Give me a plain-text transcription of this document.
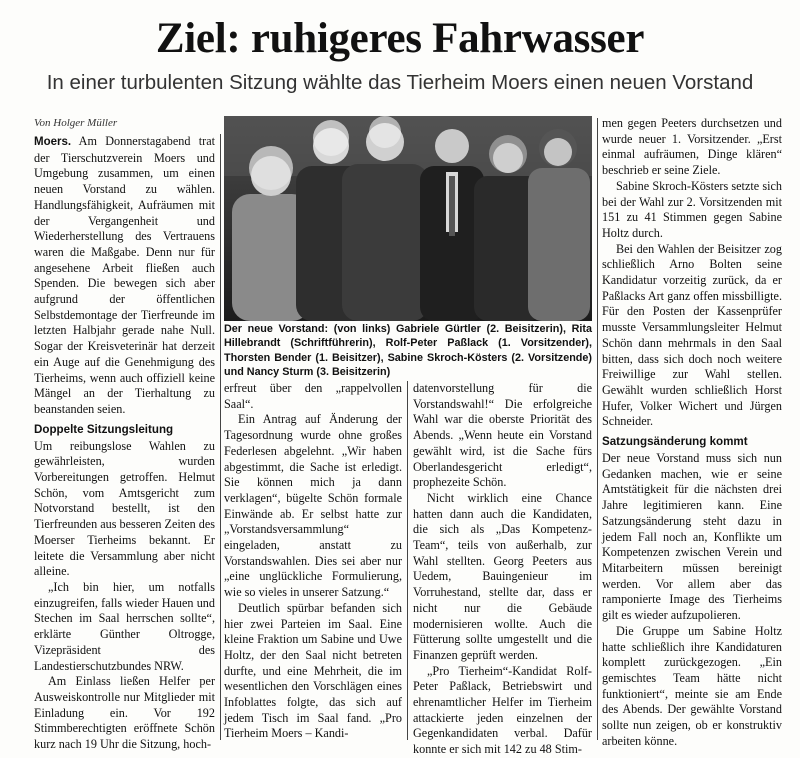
Ziel: ruhigeres Fahrwasser
In einer turbulenten Sitzung wählte das Tierheim Moers einen neuen Vorstand
Von Holger Müller

Moers. Am Donnerstagabend trat der Tierschutzverein Moers und Umgebung zusammen, um einen neuen Vorstand zu wählen. Handlungsfähigkeit, Aufräumen mit der Vergangenheit und Wiederherstellung des Vertrauens waren die Maßgabe. Denn nur für angesehene Arbeit fließen auch Spenden. Die bewegen sich aber aufgrund der öffentlichen Selbstdemontage der Tierfreunde im letzten Halbjahr gerade nahe Null. Sogar der Kreisveterinär hat derzeit ein Auge auf die Genehmigung des Tierheims, wenn auch offiziell keine Mängel an der Tierhaltung zu beanstanden seien.

Doppelte Sitzungsleitung

Um reibungslose Wahlen zu gewährleisten, wurden Vorbereitungen getroffen. Helmut Schön, vom Amtsgericht zum Notvorstand bestellt, ist den Tierfreunden aus besseren Zeiten des Moerser Tierheims bekannt. Er leitete die Versammlung aber nicht alleine.

„Ich bin hier, um notfalls einzugreifen, falls wieder Hauen und Stechen im Saal herrschen sollte“, erklärte Günther Oltrogge, Vizepräsident des Landestierschutzbundes NRW.

Am Einlass ließen Helfer per Ausweiskontrolle nur Mitglieder mit Einladung ein. Vor 192 Stimmberechtigten eröffnete Schön kurz nach 19 Uhr die Sitzung, hoch-

Der neue Vorstand: (von links) Gabriele Gürtler (2. Beisitzerin), Rita Hillebrandt (Schriftführerin), Rolf-Peter Paßlack (1. Vorsitzender), Thorsten Bender (1. Beisitzer), Sabine Skroch-Kösters (2. Vorsitzende) und Nancy Sturm (3. Beisitzerin)

erfreut über den „rappelvollen Saal“.

Ein Antrag auf Änderung der Tagesordnung wurde ohne großes Federlesen abgelehnt. „Wir haben abgestimmt, die Sache ist erledigt. Sie können mich ja dann verklagen“, bügelte Schön formale Einwände ab. Er selbst hatte zur „Vorstandsversammlung“ eingeladen, anstatt zu Vorstandswahlen. Dies sei aber nur „eine unglückliche Formulierung, wie so vieles in unserer Satzung.“

Deutlich spürbar befanden sich hier zwei Parteien im Saal. Eine kleine Fraktion um Sabine und Uwe Holtz, der den Saal nicht betreten durfte, und eine Mehrheit, die im wesentlichen den Vorschlägen eines Infoblattes folgte, das sich auf jedem Tisch im Saal fand. „Pro Tierheim Moers – Kandi-

datenvorstellung für die Vorstandswahl!“ Die erfolgreiche Wahl war die oberste Priorität des Abends. „Wenn heute ein Vorstand gewählt wird, ist die Sache fürs Oberlandesgericht erledigt“, prophezeite Schön.

Nicht wirklich eine Chance hatten dann auch die Kandidaten, die sich als „Das Kompetenz-Team“, teils von außerhalb, zur Wahl stellten. Georg Peeters aus Uedem, Bauingenieur im Vorruhestand, stellte dar, dass er nicht nur die Gebäude modernisieren wollte. Auch die Fütterung sollte umgestellt und die Finanzen geprüft werden.

„Pro Tierheim“-Kandidat Rolf-Peter Paßlack, Betriebswirt und ehrenamtlicher Helfer im Tierheim attackierte jeden einzelnen der Gegenkandidaten verbal. Dafür konnte er sich mit 142 zu 48 Stim-

men gegen Peeters durchsetzen und wurde neuer 1. Vorsitzender. „Erst einmal aufräumen, Dinge klären“ beschrieb er seine Ziele.

Sabine Skroch-Kösters setzte sich bei der Wahl zur 2. Vorsitzenden mit 151 zu 41 Stimmen gegen Sabine Holtz durch.

Bei den Wahlen der Beisitzer zog schließlich Arno Bolten seine Kandidatur vorzeitig zurück, da er Paßlacks Art ganz offen missbilligte. Für den Posten der Kassenprüfer musste Versammlungsleiter Helmut Schön dann mehrmals in den Saal bitten, dass sich doch noch weitere Freiwillige zur Wahl stellen. Gewählt wurden schließlich Horst Hufer, Volker Wichert und Jürgen Schneider.

Satzungsänderung kommt

Der neue Vorstand muss sich nun Gedanken machen, wie er seine Amtstätigkeit für die nächsten drei Jahre legitimieren kann. Eine Satzungsänderung steht dazu in jedem Fall noch an, Konflikte um Kompetenzen zwischen Verein und Mitarbeitern müssen bereinigt werden. Vor allem aber das ramponierte Image des Tierheims gilt es wieder aufzupolieren.

Die Gruppe um Sabine Holtz hatte schließlich ihre Kandidaturen komplett zurückgezogen. „Ein gemischtes Team hätte nicht funktioniert“, meinte sie am Ende des Abends. Der gewählte Vorstand sollte nun zeigen, ob er konstruktiv arbeiten könne.
